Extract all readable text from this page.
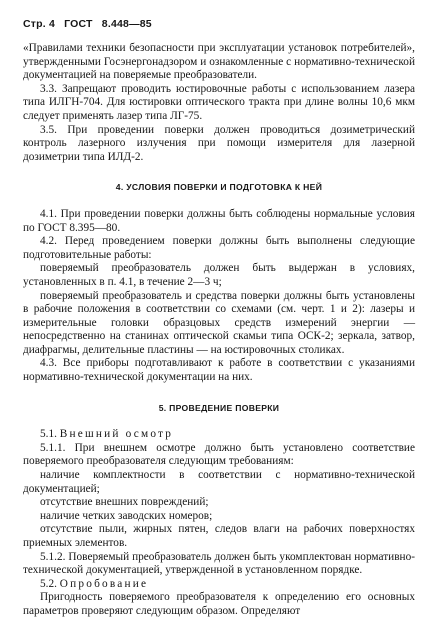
Стр. 4 ГОСТ 8.448—85

«Правилами техники безопасности при эксплуатации установок потребителей», утвержденными Госэнергонадзором и ознакомленные с нормативно-технической документацией на поверяемые преобразователи.

3.3. Запрещают проводить юстировочные работы с использованием лазера типа ИЛГН-704. Для юстировки оптического тракта при длине волны 10,6 мкм следует применять лазер типа ЛГ-75.

3.5. При проведении поверки должен проводиться дозиметрический контроль лазерного излучения при помощи измерителя для лазерной дозиметрии типа ИЛД-2.

4. УСЛОВИЯ ПОВЕРКИ И ПОДГОТОВКА К НЕЙ

4.1. При проведении поверки должны быть соблюдены нормальные условия по ГОСТ 8.395—80.

4.2. Перед проведением поверки должны быть выполнены следующие подготовительные работы:

поверяемый преобразователь должен быть выдержан в условиях, установленных в п. 4.1, в течение 2—3 ч;

поверяемый преобразователь и средства поверки должны быть установлены в рабочие положения в соответствии со схемами (см. черт. 1 и 2): лазеры и измерительные головки образцовых средств измерений энергии — непосредственно на станинах оптической скамьи типа ОСК-2; зеркала, затвор, диафрагмы, делительные пластины — на юстировочных столиках.

4.3. Все приборы подготавливают к работе в соответствии с указаниями нормативно-технической документации на них.

5. ПРОВЕДЕНИЕ ПОВЕРКИ

5.1. Внешний осмотр

5.1.1. При внешнем осмотре должно быть установлено соответствие поверяемого преобразователя следующим требованиям:

наличие комплектности в соответствии с нормативно-технической документацией;

отсутствие внешних повреждений;

наличие четких заводских номеров;

отсутствие пыли, жирных пятен, следов влаги на рабочих поверхностях приемных элементов.

5.1.2. Поверяемый преобразователь должен быть укомплектован нормативно-технической документацией, утвержденной в установленном порядке.

5.2. Опробование

Пригодность поверяемого преобразователя к определению его основных параметров проверяют следующим образом. Определяют
